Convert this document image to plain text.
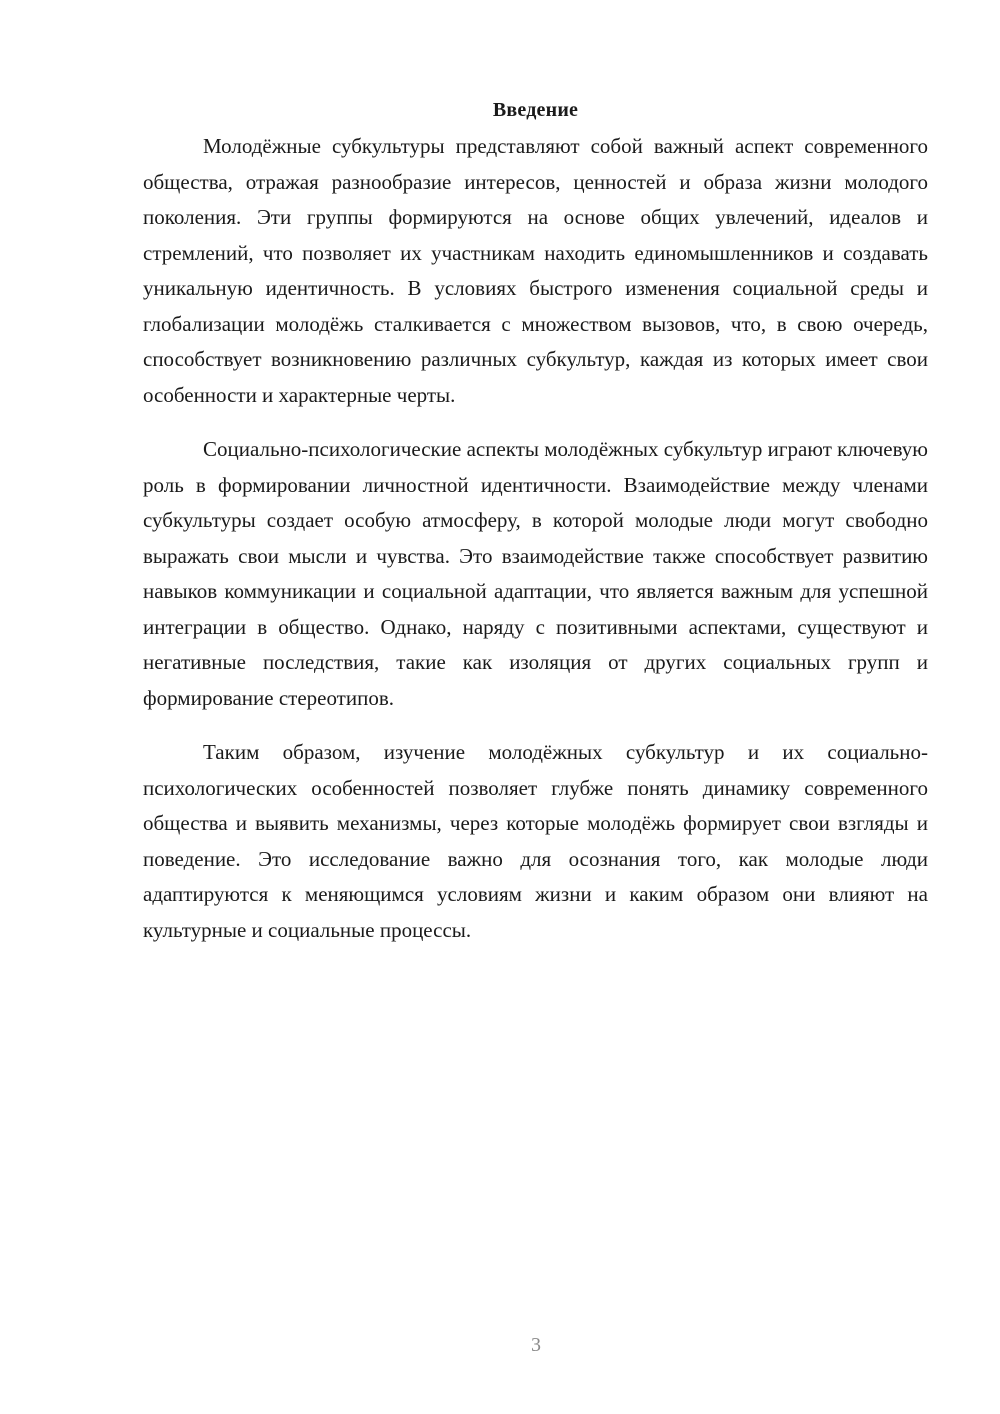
Введение

Молодёжные субкультуры представляют собой важный аспект современного общества, отражая разнообразие интересов, ценностей и образа жизни молодого поколения. Эти группы формируются на основе общих увлечений, идеалов и стремлений, что позволяет их участникам находить единомышленников и создавать уникальную идентичность. В условиях быстрого изменения социальной среды и глобализации молодёжь сталкивается с множеством вызовов, что, в свою очередь, способствует возникновению различных субкультур, каждая из которых имеет свои особенности и характерные черты.

Социально-психологические аспекты молодёжных субкультур играют ключевую роль в формировании личностной идентичности. Взаимодействие между членами субкультуры создает особую атмосферу, в которой молодые люди могут свободно выражать свои мысли и чувства. Это взаимодействие также способствует развитию навыков коммуникации и социальной адаптации, что является важным для успешной интеграции в общество. Однако, наряду с позитивными аспектами, существуют и негативные последствия, такие как изоляция от других социальных групп и формирование стереотипов.

Таким образом, изучение молодёжных субкультур и их социально-психологических особенностей позволяет глубже понять динамику современного общества и выявить механизмы, через которые молодёжь формирует свои взгляды и поведение. Это исследование важно для осознания того, как молодые люди адаптируются к меняющимся условиям жизни и каким образом они влияют на культурные и социальные процессы.

3
